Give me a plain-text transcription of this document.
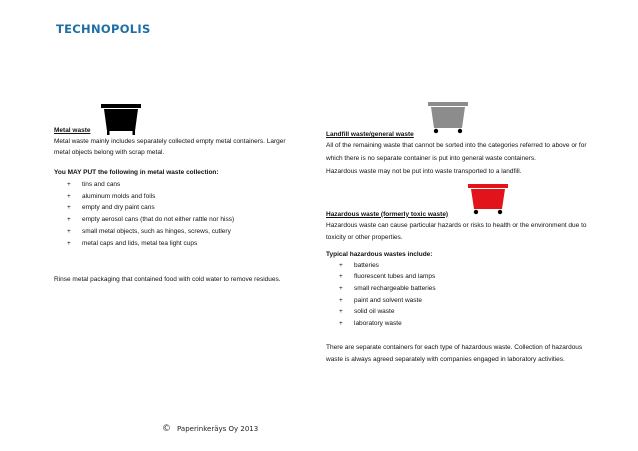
TECHNOPOLIS
Metal waste
Metal waste mainly includes separately collected empty metal containers. Larger metal objects belong with scrap metal.
You MAY PUT the following in metal waste collection:
+ tins and cans
+ aluminum molds and foils
+ empty and dry paint cans
+ empty aerosol cans (that do not either rattle nor hiss)
+ small metal objects, such as hinges, screws, cutlery
+ metal caps and lids, metal tea light cups
Rinse metal packaging that contained food with cold water to remove residues.
Landfill waste/general waste
All of the remaining waste that cannot be sorted into the categories referred to above or for which there is no separate container is put into general waste containers.
Hazardous waste may not be put into waste transported to a landfill.
Hazardous waste (formerly toxic waste)
Hazardous waste can cause particular hazards or risks to health or the environment due to toxicity or other properties.
Typical hazardous wastes include:
+ batteries
+ fluorescent tubes and lamps
+ small rechargeable batteries
+ paint and solvent waste
+ solid oil waste
+ laboratory waste
There are separate containers for each type of hazardous waste. Collection of hazardous waste is always agreed separately with companies engaged in laboratory activities.
© Paperinkeräys Oy 2013
